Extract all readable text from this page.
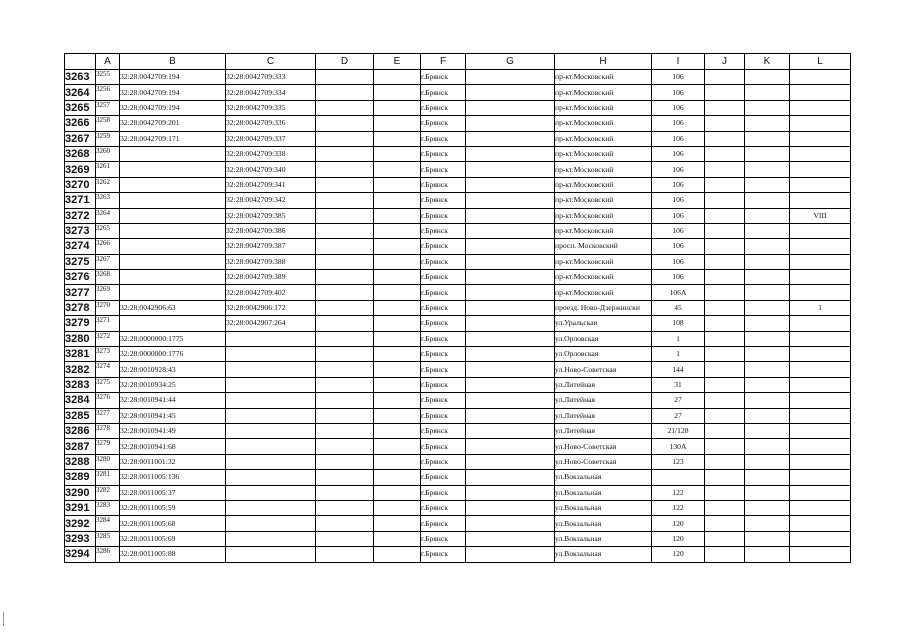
	A	B	C	D	E	F	G	H	I	J	K	L
3263	3255	32:28:0042709:194	32:28:0042709:333			г.Брянск		пр-кт.Московский	106			
3264	3256	32:28:0042709:194	32:28:0042709:334			г.Брянск		пр-кт.Московский	106			
3265	3257	32:28:0042709:194	32:28:0042709:335			г.Брянск		пр-кт.Московский	106			
3266	3258	32:28:0042709:201	32:28:0042709:336			г.Брянск		пр-кт.Московский	106			
3267	3259	32:28:0042709:171	32:28:0042709:337			г.Брянск		пр-кт.Московский	106			
3268	3260		32:28:0042709:338			г.Брянск		пр-кт.Московский	106			
3269	3261		32:28:0042709:340			г.Брянск		пр-кт.Московский	106			
3270	3262		32:28:0042709:341			г.Брянск		пр-кт.Московский	106			
3271	3263		32:28:0042709:342			г.Брянск		пр-кт.Московский	106			
3272	3264		32:28:0042709:385			г.Брянск		пр-кт.Московский	106			VIII
3273	3265		32:28:0042709:386			г.Брянск		пр-кт.Московский	106			
3274	3266		32:28:0042709:387			г.Брянск		просп. Московский	106			
3275	3267		32:28:0042709:388			г.Брянск		пр-кт.Московский	106			
3276	3268		32:28:0042709:389			г.Брянск		пр-кт.Московский	106			
3277	3269		32:28:0042709:402			г.Брянск		пр-кт.Московский	106А			
3278	3270	32:28:0042906:63	32:28:0042906:172			г.Брянск		проезд. Ново-Дзержински	45			1
3279	3271		32:28:0042907:264			г.Брянск		ул.Уральская	108			
3280	3272	32:28:0000000:1775				г.Брянск		ул.Орловская	1			
3281	3273	32:28:0000000:1776				г.Брянск		ул.Орловская	1			
3282	3274	32:28:0010928:43				г.Брянск		ул.Ново-Советская	144			
3283	3275	32:28:0010934:25				г.Брянск		ул.Литейная	31			
3284	3276	32:28:0010941:44				г.Брянск		ул.Литейная	27			
3285	3277	32:28:0010941:45				г.Брянск		ул.Литейная	27			
3286	3278	32:28:0010941:49				г.Брянск		ул.Литейная	21/128			
3287	3279	32:28:0010941:68				г.Брянск		ул.Ново-Советская	130А			
3288	3280	32:28:0011001:32				г.Брянск		ул.Ново-Советская	123			
3289	3281	32:28:0011005:136				г.Брянск		ул.Вокзальная				
3290	3282	32:28:0011005:37				г.Брянск		ул.Вокзальная	122			
3291	3283	32:28:0011005:59				г.Брянск		ул.Вокзальная	122			
3292	3284	32:28:0011005:68				г.Брянск		ул.Вокзальная	120			
3293	3285	32:28:0011005:69				г.Брянск		ул.Вокзальная	120			
3294	3286	32:28:0011005:88				г.Брянск		ул.Вокзальная	120			
